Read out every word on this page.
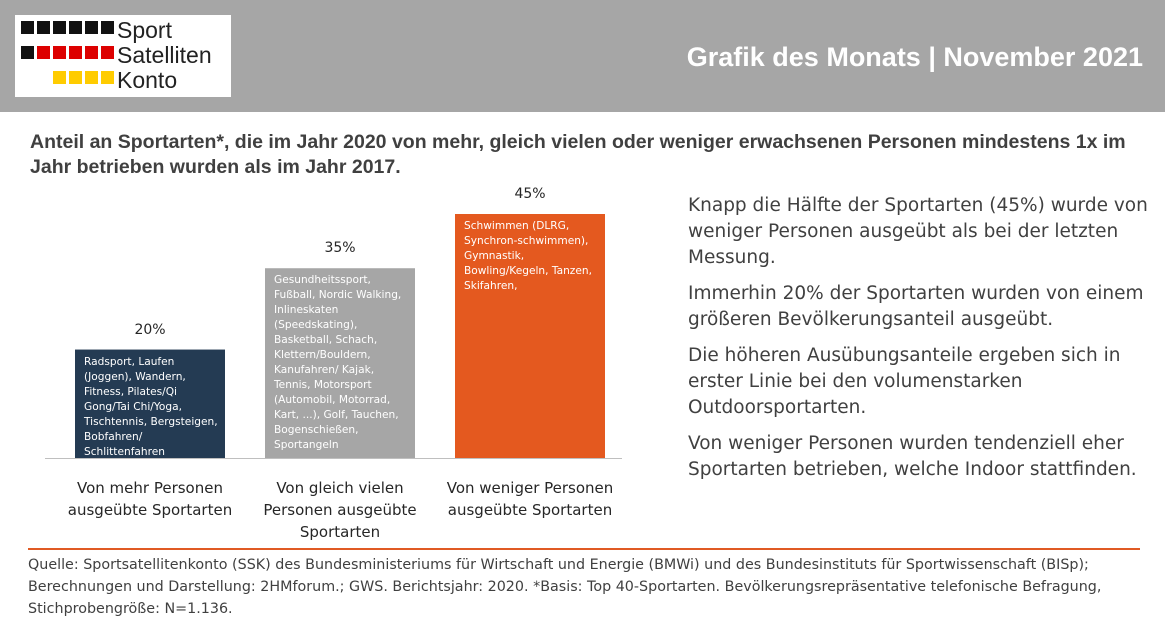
Sport
Satelliten
Konto
Grafik des Monats | November 2021
Anteil an Sportarten*, die im Jahr 2020 von mehr, gleich vielen oder weniger erwachsenen Personen mindestens 1x im Jahr betrieben wurden als im Jahr 2017.
20%
Radsport, Laufen (Joggen), Wandern, Fitness, Pilates/Qi Gong/Tai Chi/Yoga, Tischtennis, Bergsteigen, Bobfahren/ Schlittenfahren (Rennrodeln, Skeleton)
Von mehr Personen ausgeübte Sportarten
35%
Gesundheitssport, Fußball, Nordic Walking, Inlineskaten (Speedskating), Basketball, Schach, Klettern/Bouldern, Kanufahren/ Kajak, Tennis, Motorsport (Automobil, Motorrad, Kart, ...), Golf, Tauchen, Bogenschießen, Sportangeln
Von gleich vielen Personen ausgeübte Sportarten
45%
Schwimmen (DLRG, Synchron-schwimmen), Gymnastik, Bowling/Kegeln, Tanzen, Skifahren,
Von weniger Personen ausgeübte Sportarten

Knapp die Hälfte der Sportarten (45%) wurde von weniger Personen ausgeübt als bei der letzten Messung.

Immerhin 20% der Sportarten wurden von einem größeren Bevölkerungsanteil ausgeübt.

Die höheren Ausübungsanteile ergeben sich in erster Linie bei den volumenstarken Outdoorsportarten.

Von weniger Personen wurden tendenziell eher Sportarten betrieben, welche Indoor stattfinden.

Quelle: Sportsatellitenkonto (SSK) des Bundesministeriums für Wirtschaft und Energie (BMWi) und des Bundesinstituts für Sportwissenschaft (BISp); Berechnungen und Darstellung: 2HMforum.; GWS. Berichtsjahr: 2020. *Basis: Top 40-Sportarten. Bevölkerungsrepräsentative telefonische Befragung, Stichprobengröße: N=1.136.
